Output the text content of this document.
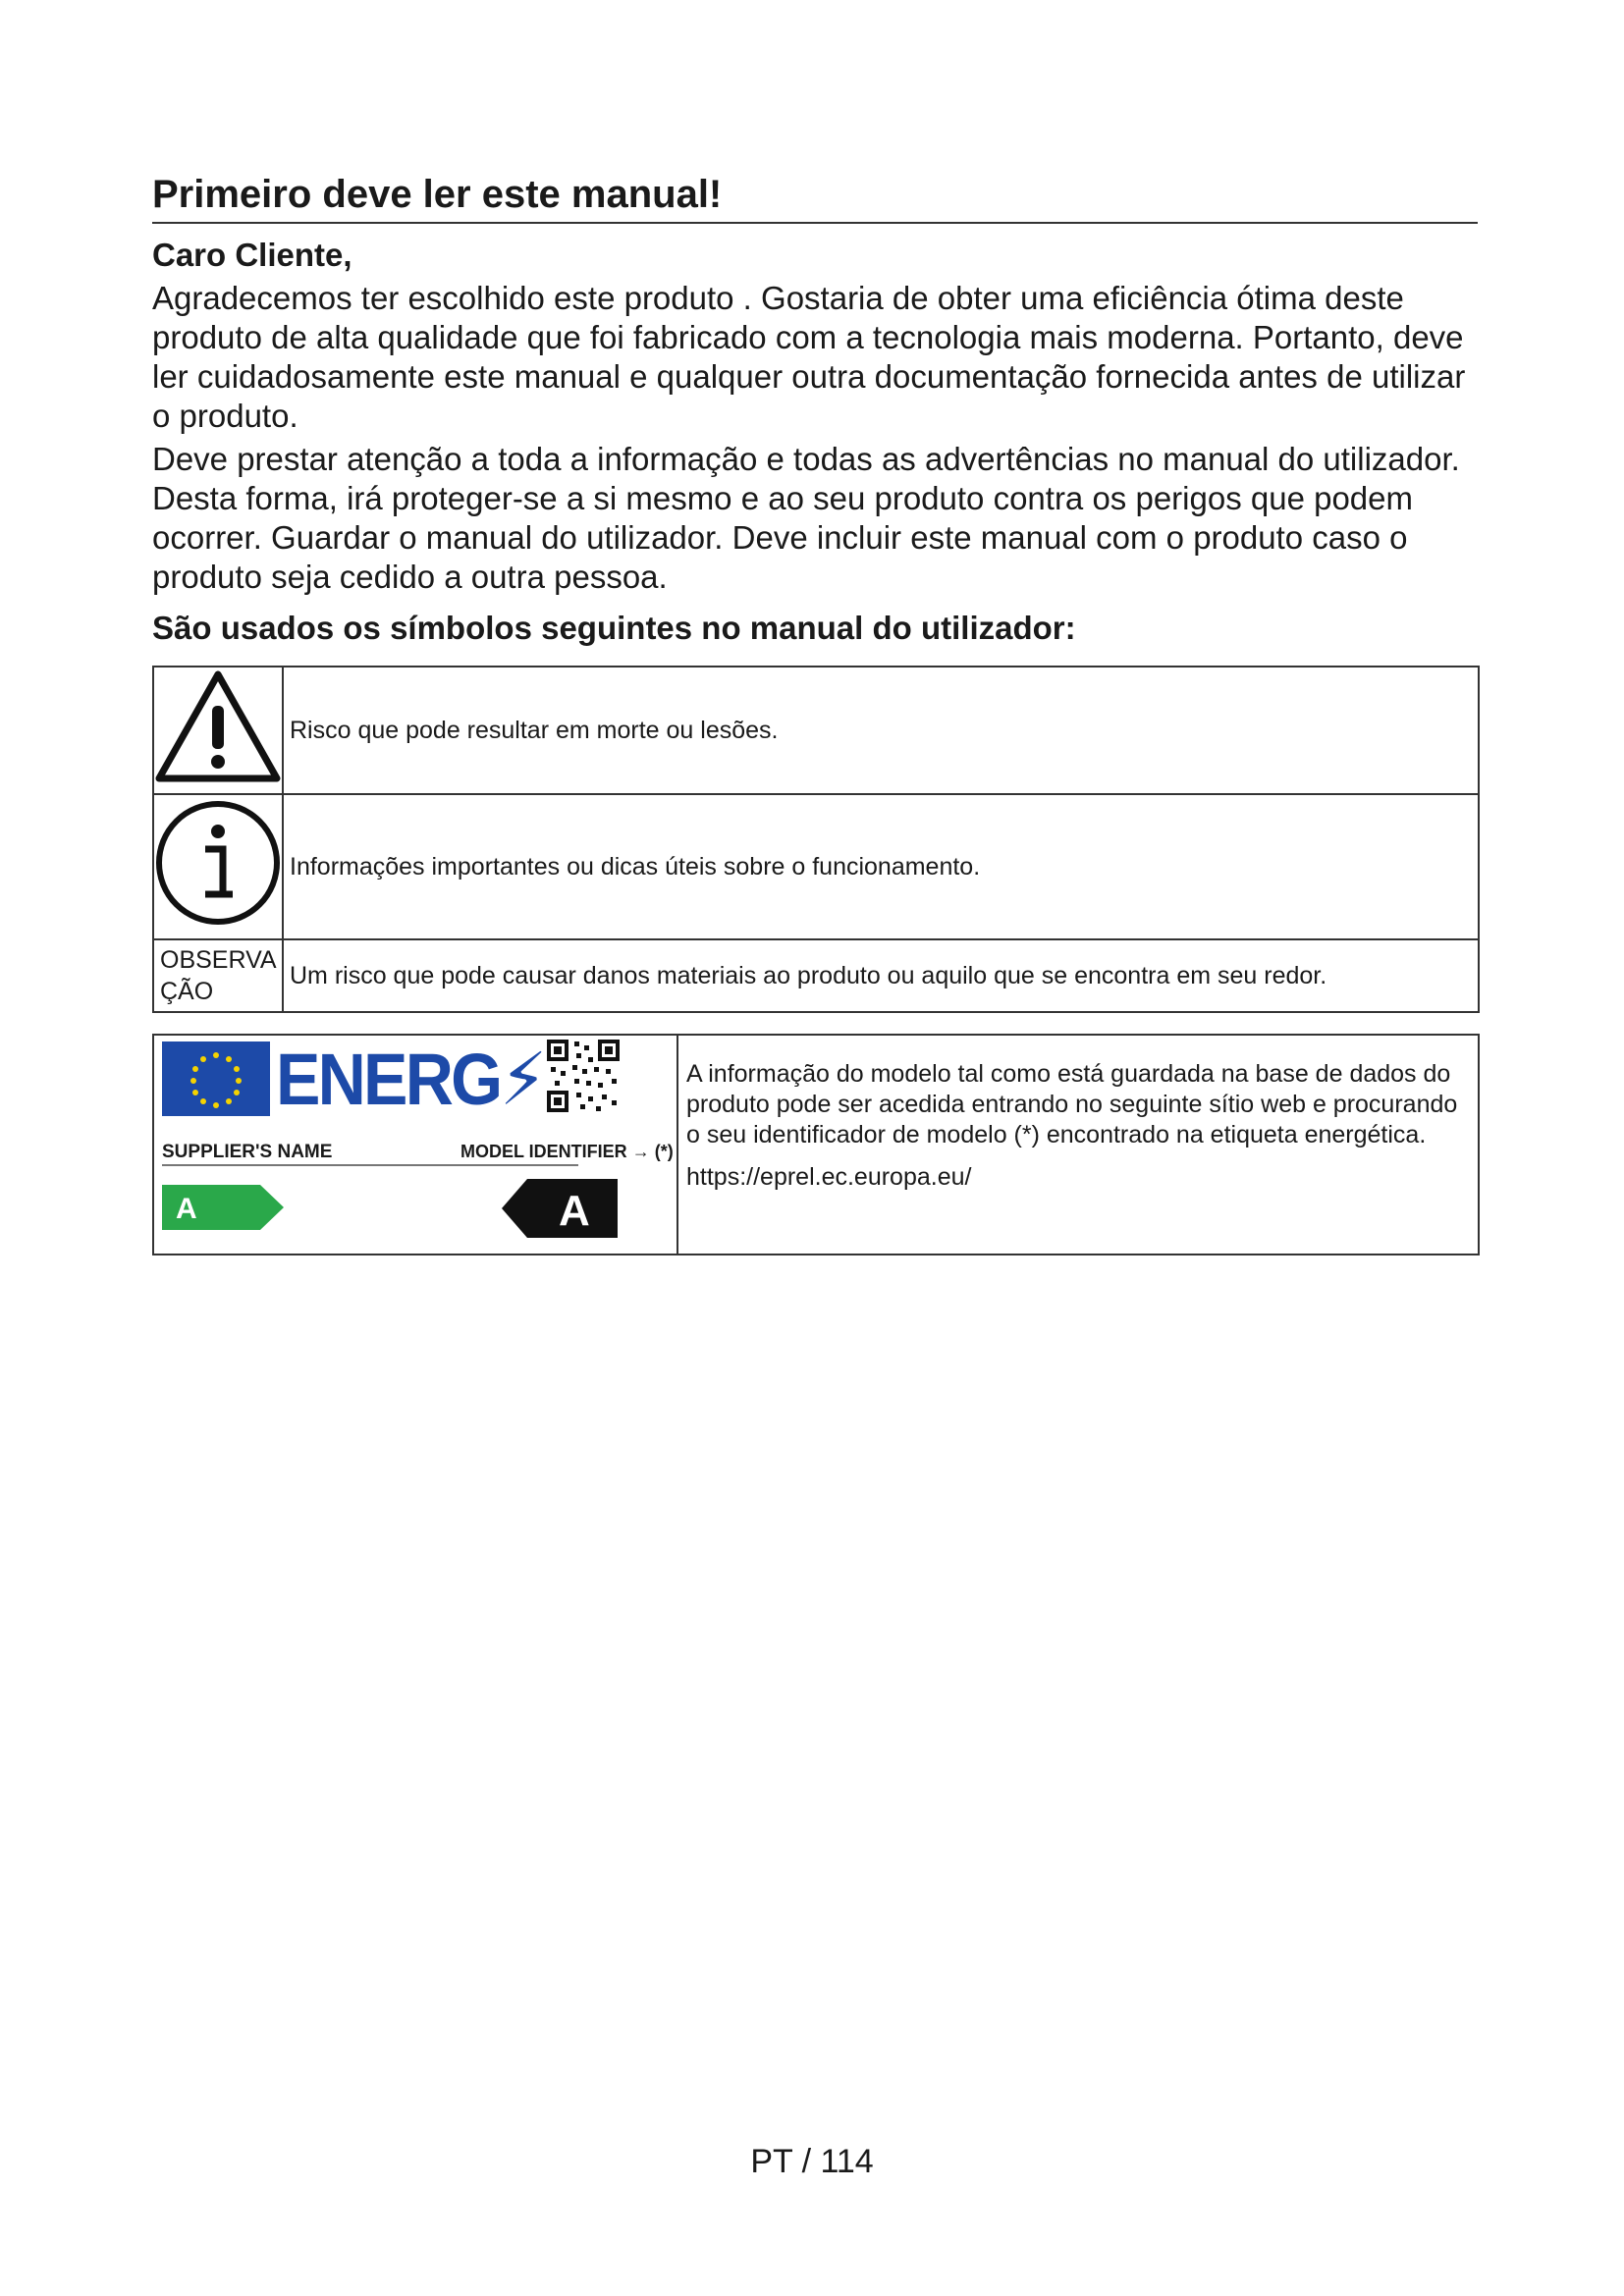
Primeiro deve ler este manual!

Caro Cliente,

Agradecemos ter escolhido este produto . Gostaria de obter uma eficiência ótima deste produto de alta qualidade que foi fabricado com a tecnologia mais moderna. Portanto, deve ler cuidadosamente este manual e qualquer outra documentação fornecida antes de utilizar o produto.

Deve prestar atenção a toda a informação e todas as advertências no manual do utilizador. Desta forma, irá proteger-se a si mesmo e ao seu produto contra os perigos que podem ocorrer. Guardar o manual do utilizador. Deve incluir este manual com o produto caso o produto seja cedido a outra pessoa.

São usados os símbolos seguintes no manual do utilizador:

	Risco que pode resultar em morte ou lesões.
	Informações importantes ou dicas úteis sobre o funcionamento.

OBSERVA ÇÃO	Um risco que pode causar danos materiais ao produto ou aquilo que se encontra em seu redor.
ENERG⚡
SUPPLIER'S NAME	MODEL IDENTIFIER → (*)
A	A

A informação do modelo tal como está guardada na base de dados do produto pode ser acedida entrando no seguinte sítio web e procurando o seu identificador de modelo (*) encontrado na etiqueta energética.

https://eprel.ec.europa.eu/

PT / 114
